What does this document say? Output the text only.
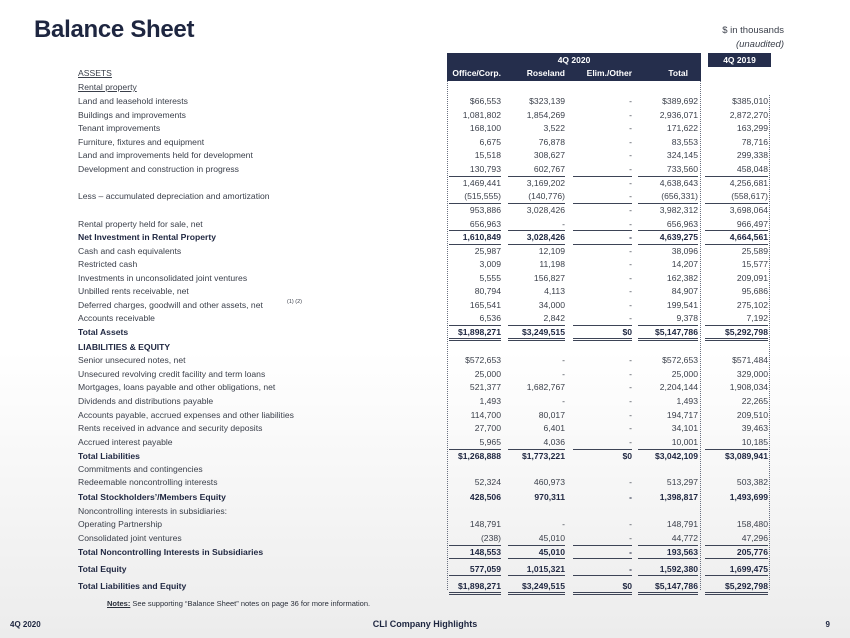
Balance Sheet	$ in thousands
(unaudited)
4Q 2020
Office/Corp.	Roseland	Elim./Other	Total
4Q 2019
ASSETS
Rental property
Land and leasehold interests	$66,553	$323,139	-	$389,692	$385,010
Buildings and improvements	1,081,802	1,854,269	-	2,936,071	2,872,270
Tenant improvements	168,100	3,522	-	171,622	163,299
Furniture, fixtures and equipment	6,675	76,878	-	83,553	78,716
Land and improvements held for development	15,518	308,627	-	324,145	299,338
Development and construction in progress	130,793	602,767	-	733,560	458,048
1,469,441	3,169,202	-	4,638,643	4,256,681
Less – accumulated depreciation and amortization	(515,555)	(140,776)	-	(656,331)	(558,617)
953,886	3,028,426	-	3,982,312	3,698,064
Rental property held for sale, net	656,963	-	-	656,963	966,497
Net Investment in Rental Property	1,610,849	3,028,426	-	4,639,275	4,664,561
Cash and cash equivalents	25,987	12,109	-	38,096	25,589
Restricted cash	3,009	11,198	-	14,207	15,577
Investments in unconsolidated joint ventures	5,555	156,827	-	162,382	209,091
Unbilled rents receivable, net	80,794	4,113	-	84,907	95,686
Deferred charges, goodwill and other assets, net	(1) (2)	165,541	34,000	-	199,541	275,102
Accounts receivable	6,536	2,842	-	9,378	7,192
Total Assets	$1,898,271	$3,249,515	$0	$5,147,786	$5,292,798
LIABILITIES & EQUITY
Senior unsecured notes, net	$572,653	-	-	$572,653	$571,484
Unsecured revolving credit facility and term loans	25,000	-	-	25,000	329,000
Mortgages, loans payable and other obligations, net	521,377	1,682,767	-	2,204,144	1,908,034
Dividends and distributions payable	1,493	-	-	1,493	22,265
Accounts payable, accrued expenses and other liabilities	114,700	80,017	-	194,717	209,510
Rents received in advance and security deposits	27,700	6,401	-	34,101	39,463
Accrued interest payable	5,965	4,036	-	10,001	10,185
Total Liabilities	$1,268,888	$1,773,221	$0	$3,042,109	$3,089,941
Commitments and contingencies
Redeemable noncontrolling interests	52,324	460,973	-	513,297	503,382
Total Stockholders’/Members Equity	428,506	970,311	-	1,398,817	1,493,699
Noncontrolling interests in subsidiaries:
Operating Partnership	148,791	-	-	148,791	158,480
Consolidated joint ventures	(238)	45,010	-	44,772	47,296
Total Noncontrolling Interests in Subsidiaries	148,553	45,010	-	193,563	205,776
Total Equity	577,059	1,015,321	-	1,592,380	1,699,475
Total Liabilities and Equity	$1,898,271	$3,249,515	$0	$5,147,786	$5,292,798
Notes: See supporting “Balance Sheet” notes on page 36 for more information.
4Q 2020	CLI Company Highlights	9
